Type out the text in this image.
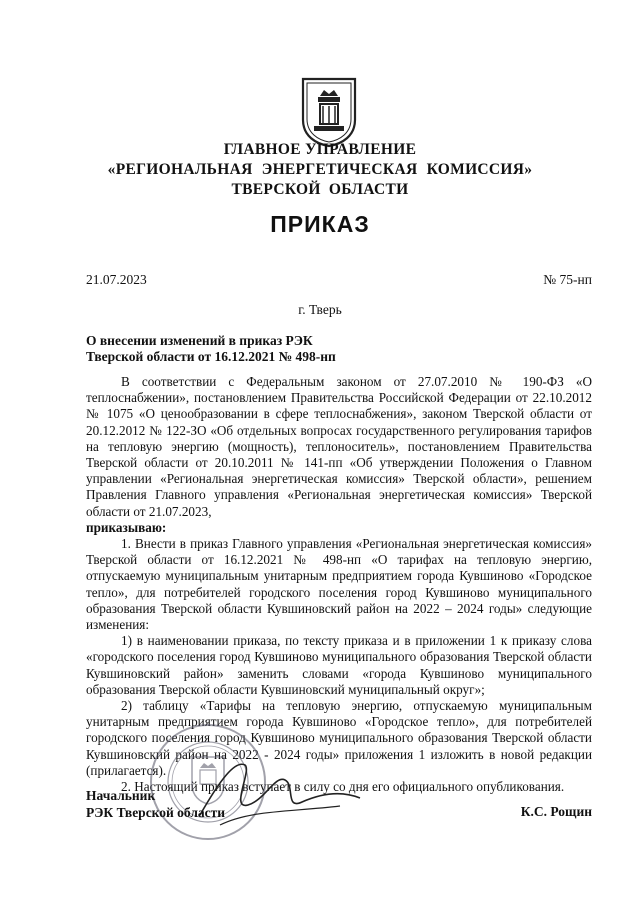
ГЛАВНОЕ УПРАВЛЕНИЕ
«РЕГИОНАЛЬНАЯ ЭНЕРГЕТИЧЕСКАЯ КОМИССИЯ»
ТВЕРСКОЙ ОБЛАСТИ
ПРИКАЗ
21.07.2023	№ 75-нп
г. Тверь
О внесении изменений в приказ РЭК
Тверской области от 16.12.2021 № 498-нп

В соответствии с Федеральным законом от 27.07.2010 № 190-ФЗ «О теплоснабжении», постановлением Правительства Российской Федерации от 22.10.2012 № 1075 «О ценообразовании в сфере теплоснабжения», законом Тверской области от 20.12.2012 № 122-ЗО «Об отдельных вопросах государственного регулирования тарифов на тепловую энергию (мощность), теплоноситель», постановлением Правительства Тверской области от 20.10.2011 № 141-пп «Об утверждении Положения о Главном управлении «Региональная энергетическая комиссия» Тверской области», решением Правления Главного управления «Региональная энергетическая комиссия» Тверской области от 21.07.2023,

приказываю:

1. Внести в приказ Главного управления «Региональная энергетическая комиссия» Тверской области от 16.12.2021 № 498-нп «О тарифах на тепловую энергию, отпускаемую муниципальным унитарным предприятием города Кувшиново «Городское тепло», для потребителей городского поселения город Кувшиново муниципального образования Тверской области Кувшиновский район на 2022 – 2024 годы» следующие изменения:

1) в наименовании приказа, по тексту приказа и в приложении 1 к приказу слова «городского поселения город Кувшиново муниципального образования Тверской области Кувшиновский район» заменить словами «города Кувшиново муниципального образования Тверской области Кувшиновский муниципальный округ»;

2) таблицу «Тарифы на тепловую энергию, отпускаемую муниципальным унитарным предприятием города Кувшиново «Городское тепло», для потребителей городского поселения город Кувшиново муниципального образования Тверской области Кувшиновский район на 2022 - 2024 годы» приложения 1 изложить в новой редакции (прилагается).

2. Настоящий приказ вступает в силу со дня его официального опубликования.

Начальник
РЭК Тверской области	К.С. Рощин
